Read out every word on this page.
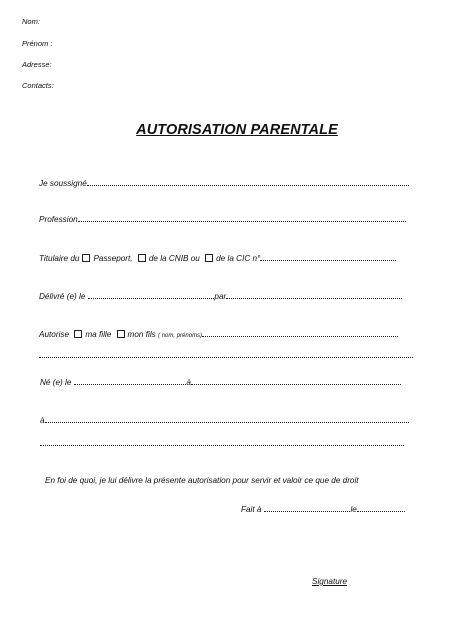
Nom:
Prénom :
Adresse:
Contacts:
AUTORISATION PARENTALE
Je soussigné
Profession
Titulaire du Passeport, de la CNIB ou de la CIC n°
Délivré (e) le	par
Autorise ma fille mon fils ( nom, prénoms)
Né (e) le	à
à
En foi de quoi, je lui délivre la présente autorisation pour servir et valoir ce que de droit
Fait à	le
Signature
